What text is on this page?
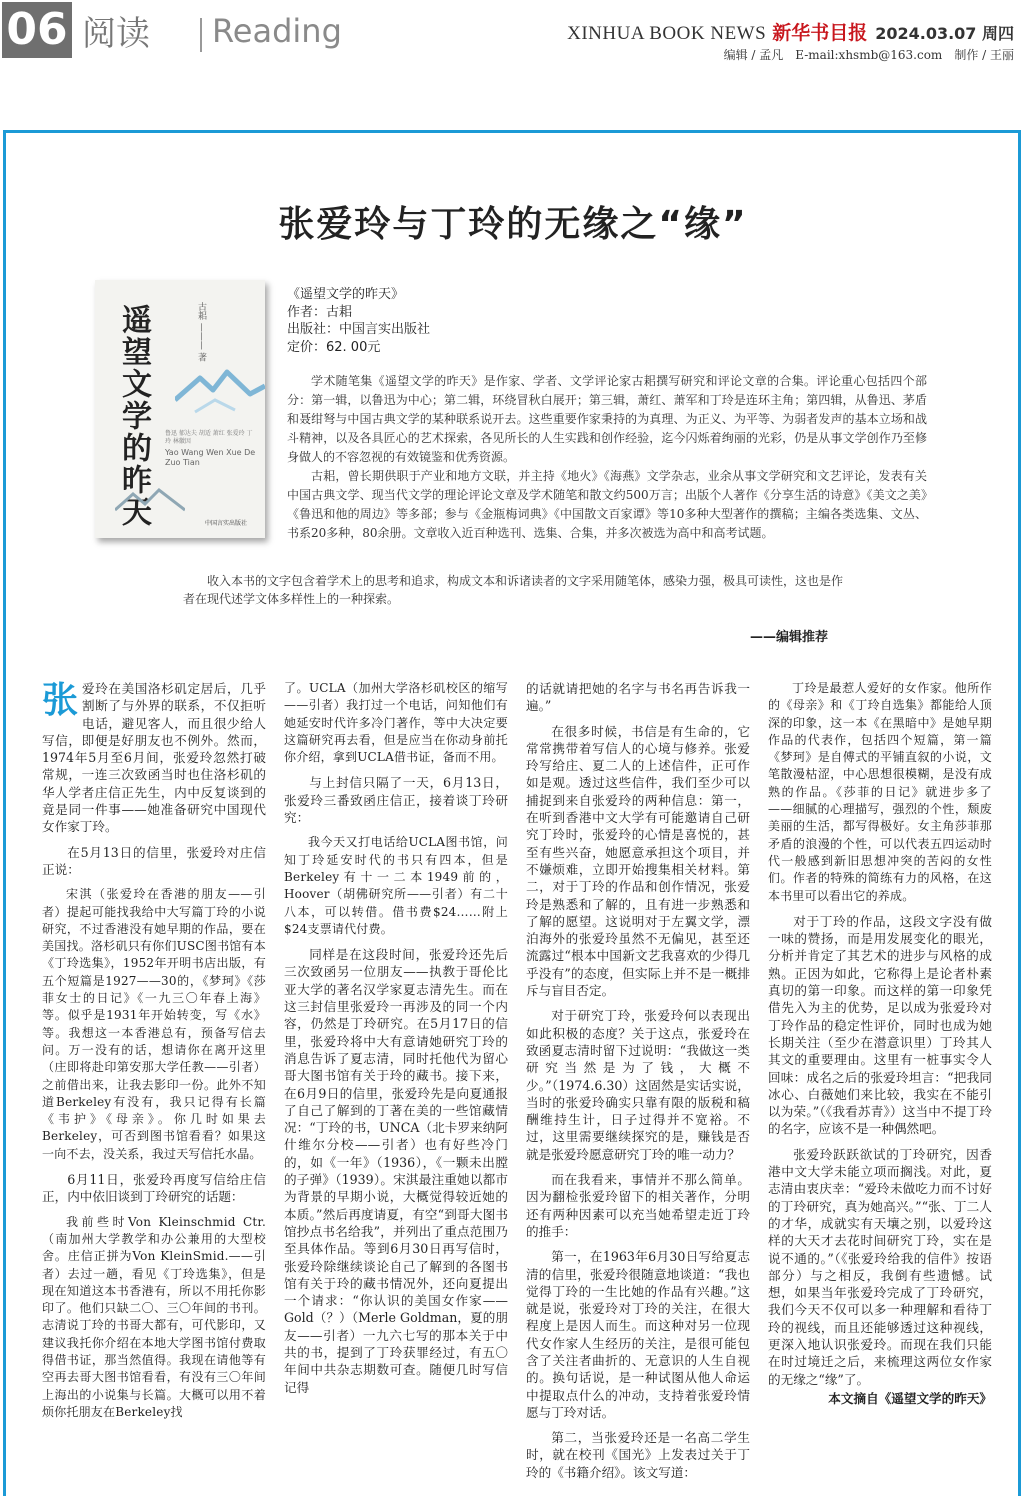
06 阅读 Reading	XINHUA BOOK NEWS 新华书目报 2024.03.07 周四
编辑 / 孟凡　E-mail:xhsmb@163.com　制作 / 王丽
张爱玲与丁玲的无缘之“缘”
遥望文学的昨天	古耜 ——— 著
鲁迅 郁达夫 胡适 萧红 张爱玲 丁玲 林徽因
Yao Wang Wen Xue De Zuo Tian
中国言实出版社
《遥望文学的昨天》
作者：古耜
出版社：中国言实出版社
定价：62. 00元

学术随笔集《遥望文学的昨天》是作家、学者、文学评论家古耜撰写研究和评论文章的合集。评论重心包括四个部分：第一辑，以鲁迅为中心；第二辑，环绕冒秋白展开；第三辑，萧红、萧军和丁玲是连环主角；第四辑，从鲁迅、茅盾和聂绀弩与中国古典文学的某种联系说开去。这些重要作家秉持的为真理、为正义、为平等、为弱者发声的基本立场和战斗精神，以及各具匠心的艺术探索，各见所长的人生实践和创作经验，迄今闪烁着绚丽的光彩，仍是从事文学创作乃至修身做人的不容忽视的有效镜鉴和优秀资源。

古耜，曾长期供职于产业和地方文联，并主持《地火》《海燕》文学杂志，业余从事文学研究和文艺评论，发表有关中国古典文学、现当代文学的理论评论文章及学术随笔和散文约500万言；出版个人著作《分享生活的诗意》《美文之美》《鲁迅和他的周边》等多部；参与《金瓶梅词典》《中国散文百家谭》等10多种大型著作的撰稿；主编各类选集、文丛、书系20多种，80余册。文章收入近百种选刊、选集、合集，并多次被选为高中和高考试题。

收入本书的文字包含着学术上的思考和追求，构成文本和诉诸读者的文字采用随笔体，感染力强，极具可读性，这也是作者在现代述学文体多样性上的一种探索。
——编辑推荐

张爱玲在美国洛杉矶定居后，几乎割断了与外界的联系，不仅拒听电话，避见客人，而且很少给人写信，即便是好朋友也不例外。然而，1974年5月至6月间，张爱玲忽然打破常规，一连三次致函当时也住洛杉矶的华人学者庄信正先生，内中反复谈到的竟是同一件事——她准备研究中国现代女作家丁玲。

在5月13日的信里，张爱玲对庄信正说：

宋淇（张爱玲在香港的朋友——引者）提起可能找我给中大写篇丁玲的小说研究，不过香港没有她早期的作品，要在美国找。洛杉矶只有你们USC图书馆有本《丁玲选集》，1952年开明书店出版，有五个短篇是1927——30的，《梦珂》《莎菲女士的日记》《一九三〇年春上海》等。似乎是1931年开始转变，写《水》等。我想这一本香港总有，预备写信去问。万一没有的话，想请你在离开这里（庄即将赴印第安那大学任教——引者）之前借出来，让我去影印一份。此外不知道Berkeley有没有，我只记得有长篇《韦护》《母亲》。你几时如果去Berkeley，可否到图书馆看看？如果这一向不去，没关系，我过天写信托水晶。

6月11日，张爱玲再度写信给庄信正，内中依旧谈到丁玲研究的话题：

我前些时Von Kleinschmid Ctr.（南加州大学教学和办公兼用的大型校舍。庄信正拼为Von KleinSmid.——引者）去过一趟，看见《丁玲选集》，但是现在知道这本书香港有，所以不用托你影印了。他们只缺二〇、三〇年间的书刊。志清说丁玲的书哥大都有，可代影印，又建议我托你介绍在本地大学图书馆付费取得借书证，那当然值得。我现在请他等有空再去哥大图书馆看看，有没有三〇年间上海出的小说集与长篇。大概可以用不着烦你托朋友在Berkeley找

了。UCLA（加州大学洛杉矶校区的缩写——引者）我打过一个电话，问知他们有她延安时代许多冷门著作，等中大决定要这篇研究再去看，但是应当在你动身前托你介绍，拿到UCLA借书证，备而不用。

与上封信只隔了一天，6月13日，张爱玲三番致函庄信正，接着谈丁玲研究：

我今天又打电话给UCLA图书馆，问知丁玲延安时代的书只有四本，但是Berkeley有十一二本1949前的，Hoover（胡佛研究所——引者）有二十八本，可以转借。借书费$24……附上$24支票请代付费。

同样是在这段时间，张爱玲还先后三次致函另一位朋友——执教于哥伦比亚大学的著名汉学家夏志清先生。而在这三封信里张爱玲一再涉及的同一个内容，仍然是丁玲研究。在5月17日的信里，张爱玲将中大有意请她研究丁玲的消息告诉了夏志清，同时托他代为留心哥大图书馆有关于玲的藏书。接下来，在6月9日的信里，张爱玲先是向夏通报了自己了解到的丁著在美的一些馆藏情况：“丁玲的书，UNCA（北卡罗来纳阿什维尔分校——引者）也有好些冷门的，如《一年》（1936），《一颗未出膛的子弹》（1939）。宋淇最注重她以都市为背景的早期小说，大概觉得较近她的本质。”然后再度请夏，有空“到哥大图书馆抄点书名给我”，并列出了重点范围乃至具体作品。等到6月30日再写信时，张爱玲除继续谈论自己了解到的各图书馆有关于玲的藏书情况外，还向夏提出一个请求：“你认识的美国女作家——Gold（？）（Merle Goldman，夏的朋友——引者）一九六七写的那本关于中共的书，提到了丁玲获罪经过，有五〇年间中共杂志期数可查。随便几时写信记得

的话就请把她的名字与书名再告诉我一遍。”

在很多时候，书信是有生命的，它常常携带着写信人的心境与修养。张爱玲写给庄、夏二人的上述信件，正可作如是观。透过这些信件，我们至少可以捕捉到来自张爱玲的两种信息：第一，在听到香港中文大学有可能邀请自己研究丁玲时，张爱玲的心情是喜悦的，甚至有些兴奋，她愿意承担这个项目，并不嫌烦难，立即开始搜集相关材料。第二，对于丁玲的作品和创作情况，张爱玲是熟悉和了解的，且有进一步熟悉和了解的愿望。这说明对于左翼文学，漂泊海外的张爱玲虽然不无偏见，甚至还流露过“根本中国新文艺我喜欢的少得几乎没有”的态度，但实际上并不是一概排斥与盲目否定。

对于研究丁玲，张爱玲何以表现出如此积极的态度？关于这点，张爱玲在致函夏志清时留下过说明：“我做这一类研究当然是为了钱，大概不少。”（1974.6.30）这固然是实话实说，当时的张爱玲确实只靠有限的版税和稿酬维持生计，日子过得并不宽裕。不过，这里需要继续探究的是，赚钱是否就是张爱玲愿意研究丁玲的唯一动力？

而在我看来，事情并不那么简单。因为翻检张爱玲留下的相关著作，分明还有两种因素可以充当她希望走近丁玲的推手：

第一，在1963年6月30日写给夏志清的信里，张爱玲很随意地谈道：“我也觉得丁玲的一生比她的作品有兴趣。”这就是说，张爱玲对丁玲的关注，在很大程度上是因人而生。而这种对另一位现代女作家人生经历的关注，是很可能包含了关注者曲折的、无意识的人生自视的。换句话说，是一种试图从他人命运中提取点什么的冲动，支持着张爱玲情愿与丁玲对话。

第二，当张爱玲还是一名高二学生时，就在校刊《国光》上发表过关于丁玲的《书籍介绍》。该文写道：

丁玲是最惹人爱好的女作家。他所作的《母亲》和《丁玲自选集》都能给人顶深的印象，这一本《在黑暗中》是她早期作品的代表作，包括四个短篇，第一篇《梦珂》是自傅式的平铺直叙的小说，文笔散漫枯涩，中心思想很模糊，是没有成熟的作品。《莎菲的日记》就进步多了——细腻的心理描写，强烈的个性，颓废美丽的生活，都写得极好。女主角莎菲那矛盾的浪漫的个性，可以代表五四运动时代一般感到新旧思想冲突的苦闷的女性们。作者的特殊的简练有力的风格，在这本书里可以看出它的养成。

对于丁玲的作品，这段文字没有做一味的赞扬，而是用发展变化的眼光，分析并肯定了其艺术的进步与风格的成熟。正因为如此，它称得上是论者朴素真切的第一印象。而这样的第一印象凭借先入为主的优势，足以成为张爱玲对丁玲作品的稳定性评价，同时也成为她长期关注（至少在潜意识里）丁玲其人其文的重要理由。这里有一桩事实令人回味：成名之后的张爱玲坦言：“把我同冰心、白薇她们来比较，我实在不能引以为荣。”（《我看苏青》）这当中不提丁玲的名字，应该不是一种偶然吧。

张爱玲跃跃欲试的丁玲研究，因香港中文大学未能立项而搁浅。对此，夏志清由衷庆幸：“爱玲未做吃力而不讨好的丁玲研究，真为她高兴。”“张、丁二人的才华，成就实有天壤之别，以爱玲这样的大天才去花时间研究丁玲，实在是说不通的。”（《张爱玲给我的信件》按语部分）与之相反，我倒有些遗憾。试想，如果当年张爱玲完成了丁玲研究，我们今天不仅可以多一种理解和看待丁玲的视线，而且还能够透过这种视线，更深入地认识张爱玲。而现在我们只能在时过境迁之后，来梳理这两位女作家的无缘之“缘”了。

本文摘自《遥望文学的昨天》
